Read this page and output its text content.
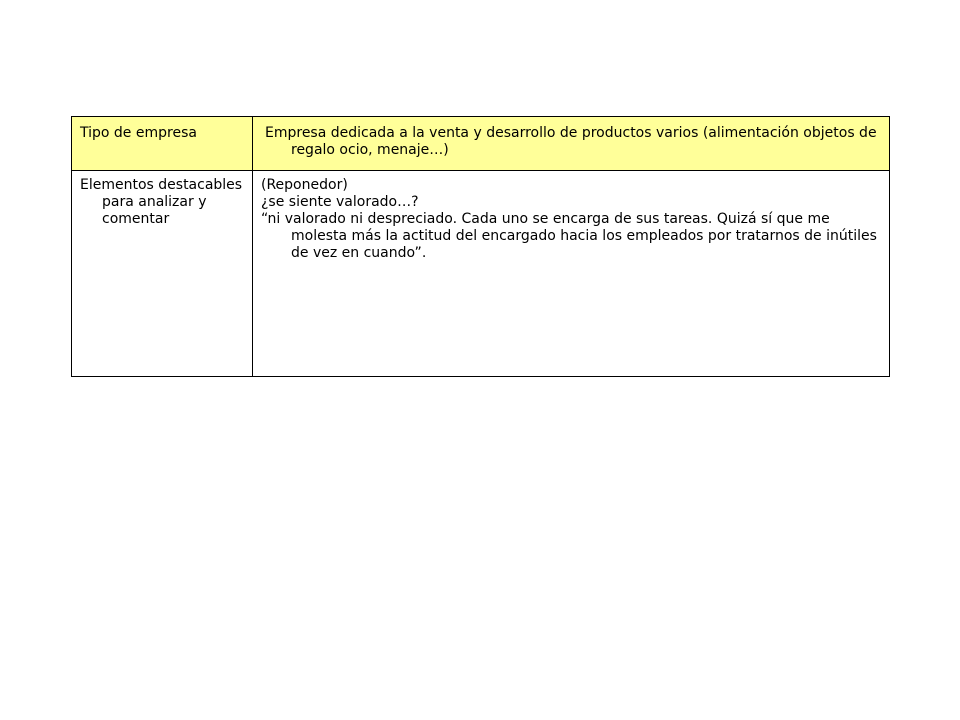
Tipo de empresa	Empresa dedicada a la venta y desarrollo de productos varios (alimentación objetos de regalo ocio, menaje…)

Elementos destacables para analizar y comentar	(Reponedor)

¿se siente valorado…?

“ni valorado ni despreciado. Cada uno se encarga de sus tareas. Quizá sí que me molesta más la actitud del encargado hacia los empleados por tratarnos de inútiles de vez en cuando”.
